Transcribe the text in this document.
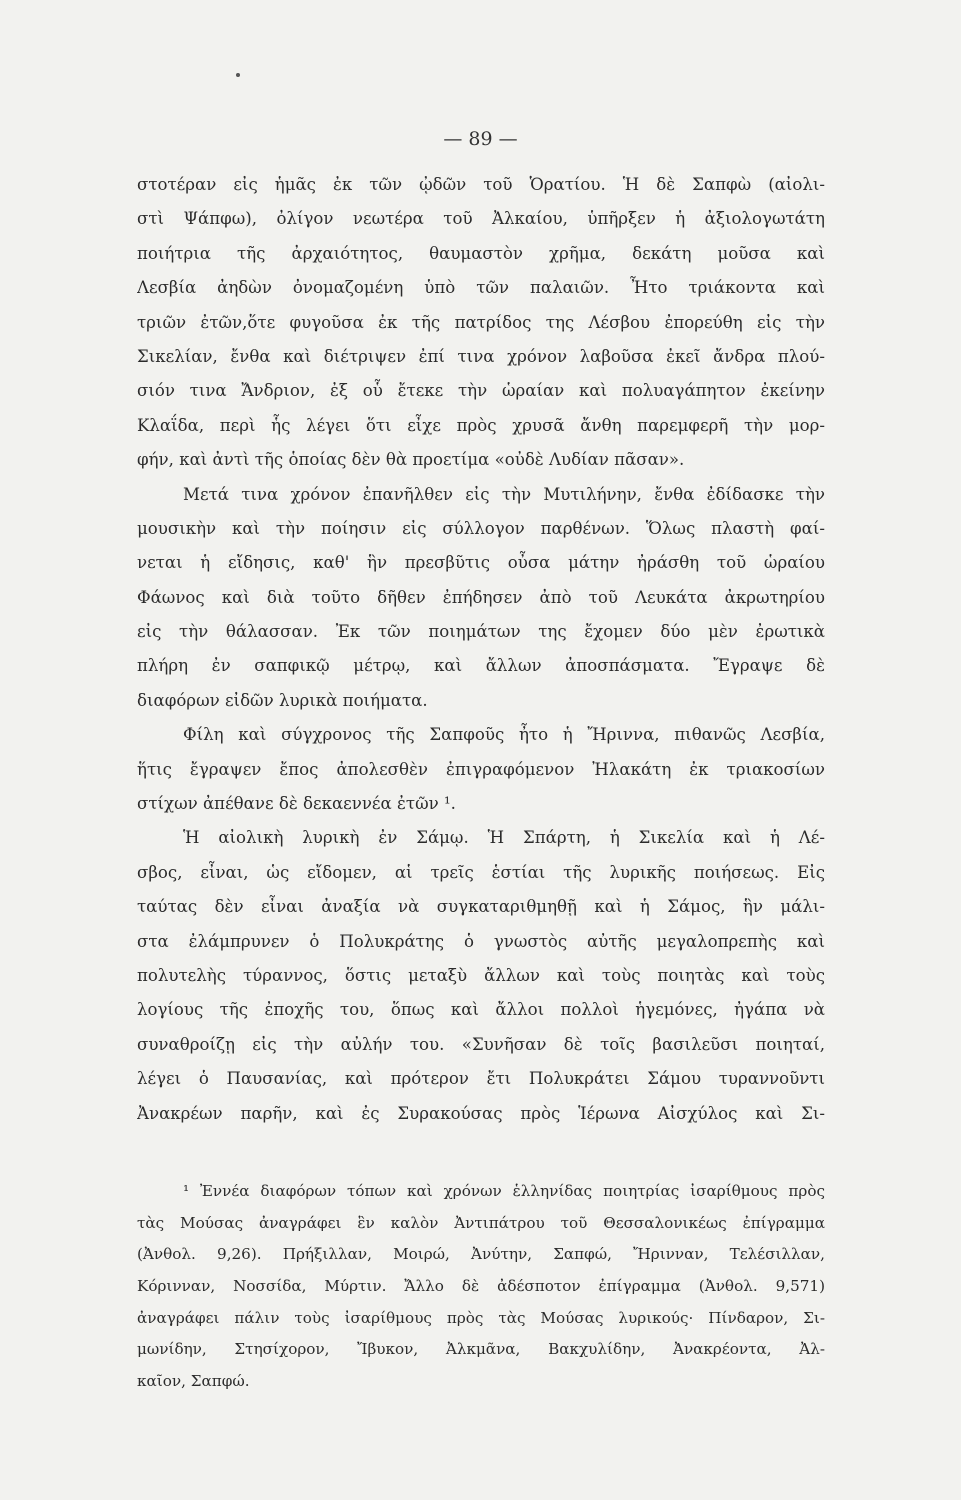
— 89 —
στοτέραν εἰς ἡμᾶς ἐκ τῶν ᾠδῶν τοῦ Ὁρατίου. Ἡ δὲ Σαπφὼ (αἰολι-
στὶ Ψάπφω), ὀλίγον νεωτέρα τοῦ Ἀλκαίου, ὑπῆρξεν ἡ ἀξιολογωτάτη
ποιήτρια τῆς ἀρχαιότητος, θαυμαστὸν χρῆμα, δεκάτη μοῦσα καὶ
Λεσβία ἀηδὼν ὀνομαζομένη ὑπὸ τῶν παλαιῶν. Ἦτο τριάκοντα καὶ
τριῶν ἐτῶν,ὅτε φυγοῦσα ἐκ τῆς πατρίδος της Λέσβου ἐπορεύθη εἰς τὴν
Σικελίαν, ἔνθα καὶ διέτριψεν ἐπί τινα χρόνον λαβοῦσα ἐκεῖ ἄνδρα πλού-
σιόν τινα Ἄνδριον, ἐξ οὗ ἔτεκε τὴν ὡραίαν καὶ πολυαγάπητον ἐκείνην
Κλαΐδα, περὶ ἧς λέγει ὅτι εἶχε πρὸς χρυσᾶ ἄνθη παρεμφερῆ τὴν μορ-
φήν, καὶ ἀντὶ τῆς ὁποίας δὲν θὰ προετίμα «οὐδὲ Λυδίαν πᾶσαν».
Μετά τινα χρόνον ἐπανῆλθεν εἰς τὴν Μυτιλήνην, ἔνθα ἐδίδασκε τὴν
μουσικὴν καὶ τὴν ποίησιν εἰς σύλλογον παρθένων. Ὅλως πλαστὴ φαί-
νεται ἡ εἴδησις, καθ' ἣν πρεσβῦτις οὖσα μάτην ἠράσθη τοῦ ὡραίου
Φάωνος καὶ διὰ τοῦτο δῆθεν ἐπήδησεν ἀπὸ τοῦ Λευκάτα ἀκρωτηρίου
εἰς τὴν θάλασσαν. Ἐκ τῶν ποιημάτων της ἔχομεν δύο μὲν ἐρωτικὰ
πλήρη ἐν σαπφικῷ μέτρῳ, καὶ ἄλλων ἀποσπάσματα. Ἔγραψε δὲ
διαφόρων εἰδῶν λυρικὰ ποιήματα.
Φίλη καὶ σύγχρονος τῆς Σαπφοῦς ἦτο ἡ Ἤριννα, πιθανῶς Λεσβία,
ἥτις ἔγραψεν ἔπος ἀπολεσθὲν ἐπιγραφόμενον Ἠλακάτη ἐκ τριακοσίων
στίχων ἀπέθανε δὲ δεκαεννέα ἐτῶν ¹.
Ἡ αἰολικὴ λυρικὴ ἐν Σάμῳ. Ἡ Σπάρτη, ἡ Σικελία καὶ ἡ Λέ-
σβος, εἶναι, ὡς εἴδομεν, αἱ τρεῖς ἑστίαι τῆς λυρικῆς ποιήσεως. Εἰς
ταύτας δὲν εἶναι ἀναξία νὰ συγκαταριθμηθῇ καὶ ἡ Σάμος, ἣν μάλι-
στα ἐλάμπρυνεν ὁ Πολυκράτης ὁ γνωστὸς αὐτῆς μεγαλοπρεπὴς καὶ
πολυτελὴς τύραννος, ὅστις μεταξὺ ἄλλων καὶ τοὺς ποιητὰς καὶ τοὺς
λογίους τῆς ἐποχῆς του, ὅπως καὶ ἄλλοι πολλοὶ ἡγεμόνες, ἠγάπα νὰ
συναθροίζῃ εἰς τὴν αὐλήν του. «Συνῆσαν δὲ τοῖς βασιλεῦσι ποιηταί,
λέγει ὁ Παυσανίας, καὶ πρότερον ἔτι Πολυκράτει Σάμου τυραννοῦντι
Ἀνακρέων παρῆν, καὶ ἐς Συρακούσας πρὸς Ἱέρωνα Αἰσχύλος καὶ Σι-
¹ Ἐννέα διαφόρων τόπων καὶ χρόνων ἑλληνίδας ποιητρίας ἰσαρίθμους πρὸς
τὰς Μούσας ἀναγράφει ἓν καλὸν Ἀντιπάτρου τοῦ Θεσσαλονικέως ἐπίγραμμα
(Ἀνθολ. 9,26). Πρήξιλλαν, Μοιρώ, Ἀνύτην, Σαπφώ, Ἤρινναν, Τελέσιλλαν,
Κόρινναν, Νοσσίδα, Μύρτιν. Ἄλλο δὲ ἀδέσποτον ἐπίγραμμα (Ἀνθολ. 9,571)
ἀναγράφει πάλιν τοὺς ἰσαρίθμους πρὸς τὰς Μούσας λυρικούς· Πίνδαρον, Σι-
μωνίδην, Στησίχορον, Ἴβυκον, Ἀλκμᾶνα, Βακχυλίδην, Ἀνακρέοντα, Ἀλ-
καῖον, Σαπφώ.
